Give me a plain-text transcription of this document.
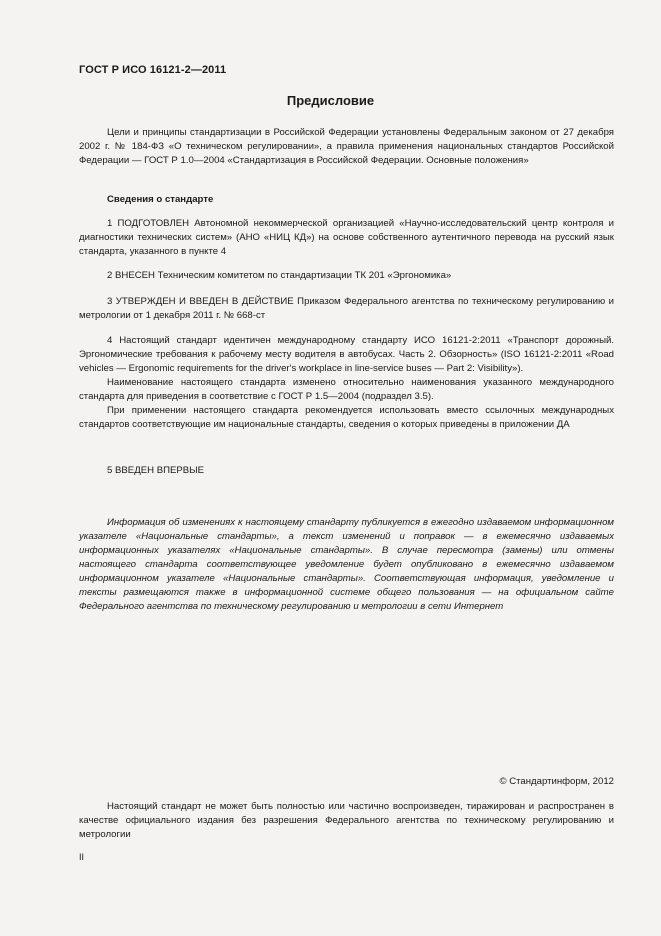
ГОСТ Р ИСО 16121-2—2011
Предисловие

Цели и принципы стандартизации в Российской Федерации установлены Федеральным законом от 27 декабря 2002 г. № 184-ФЗ «О техническом регулировании», а правила применения национальных стандартов Российской Федерации — ГОСТ Р 1.0—2004 «Стандартизация в Российской Федерации. Основные положения»

Сведения о стандарте

1 ПОДГОТОВЛЕН Автономной некоммерческой организацией «Научно-исследовательский центр контроля и диагностики технических систем» (АНО «НИЦ КД») на основе собственного аутентичного перевода на русский язык стандарта, указанного в пункте 4

2 ВНЕСЕН Техническим комитетом по стандартизации ТК 201 «Эргономика»

3 УТВЕРЖДЕН И ВВЕДЕН В ДЕЙСТВИЕ Приказом Федерального агентства по техническому регулированию и метрологии от 1 декабря 2011 г. № 668-ст

4 Настоящий стандарт идентичен международному стандарту ИСО 16121-2:2011 «Транспорт дорожный. Эргономические требования к рабочему месту водителя в автобусах. Часть 2. Обзорность» (ISO 16121-2:2011 «Road vehicles — Ergonomic requirements for the driver's workplace in line-service buses — Part 2: Visibility»).

Наименование настоящего стандарта изменено относительно наименования указанного международного стандарта для приведения в соответствие с ГОСТ Р 1.5—2004 (подраздел 3.5).

При применении настоящего стандарта рекомендуется использовать вместо ссылочных международных стандартов соответствующие им национальные стандарты, сведения о которых приведены в приложении ДА

5 ВВЕДЕН ВПЕРВЫЕ

Информация об изменениях к настоящему стандарту публикуется в ежегодно издаваемом информационном указателе «Национальные стандарты», а текст изменений и поправок — в ежемесячно издаваемых информационных указателях «Национальные стандарты». В случае пересмотра (замены) или отмены настоящего стандарта соответствующее уведомление будет опубликовано в ежемесячно издаваемом информационном указателе «Национальные стандарты». Соответствующая информация, уведомление и тексты размещаются также в информационной системе общего пользования — на официальном сайте Федерального агентства по техническому регулированию и метрологии в сети Интернет

© Стандартинформ, 2012

Настоящий стандарт не может быть полностью или частично воспроизведен, тиражирован и распространен в качестве официального издания без разрешения Федерального агентства по техническому регулированию и метрологии

II
